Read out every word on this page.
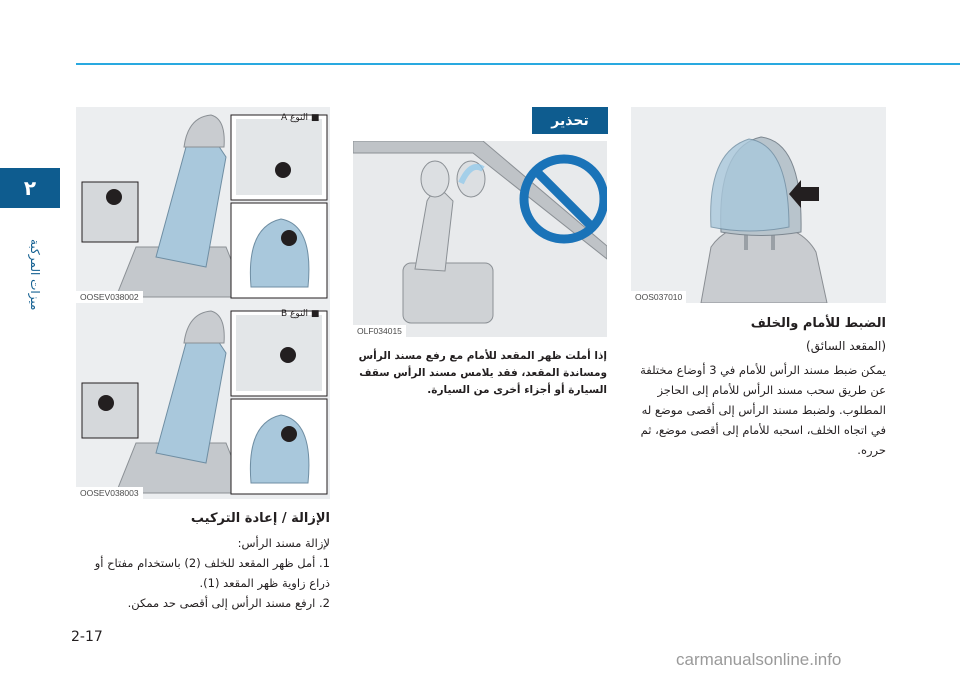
٢
ميزات المركبة	OOS037010
الضبط للأمام والخلف
(المقعد السائق)
يمكن ضبط مسند الرأس للأمام في 3 أوضاع مختلفة عن طريق سحب مسند الرأس للأمام إلى الحاجز المطلوب. ولضبط مسند الرأس إلى أقصى موضع له في اتجاه الخلف، اسحبه للأمام إلى أقصى موضع، ثم حرره.
تحذير
OLF034015
إذا أملت ظهر المقعد للأمام مع رفع مسند الرأس ومساندة المقعد، فقد يلامس مسند الرأس سقف السيارة أو أجزاء أخرى من السيارة.
■ النوع A
OOSEV038002
■ النوع B
OOSEV038003
الإزالة / إعادة التركيب
لإزالة مسند الرأس:
1. أمل ظهر المقعد للخلف (2) باستخدام مفتاح أو ذراع زاوية ظهر المقعد (1).
2. ارفع مسند الرأس إلى أقصى حد ممكن.
2-17
carmanualsonline.info
